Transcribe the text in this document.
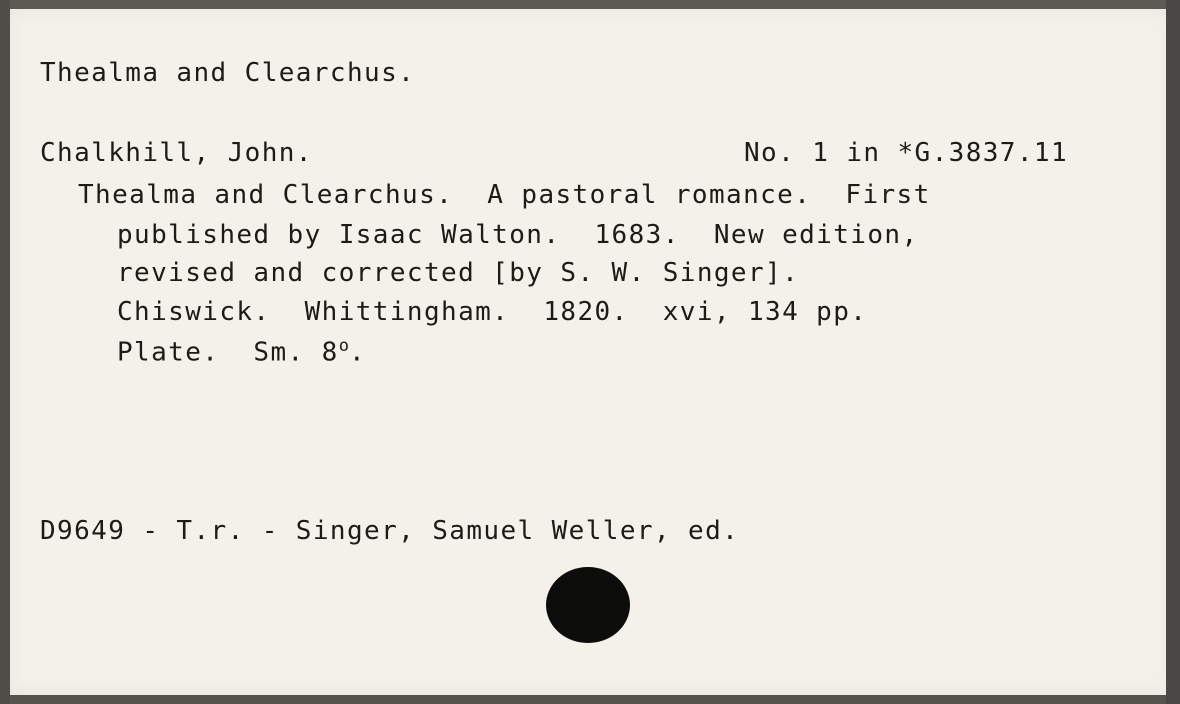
Thealma and Clearchus.
Chalkhill, John.	No. 1 in *G.3837.11
Thealma and Clearchus.  A pastoral romance.  First
published by Isaac Walton.  1683.  New edition,
revised and corrected [by S. W. Singer].
Chiswick.  Whittingham.  1820.  xvi, 134 pp.
Plate.  Sm. 8$^o$.
D9649 - T.r. - Singer, Samuel Weller, ed.
